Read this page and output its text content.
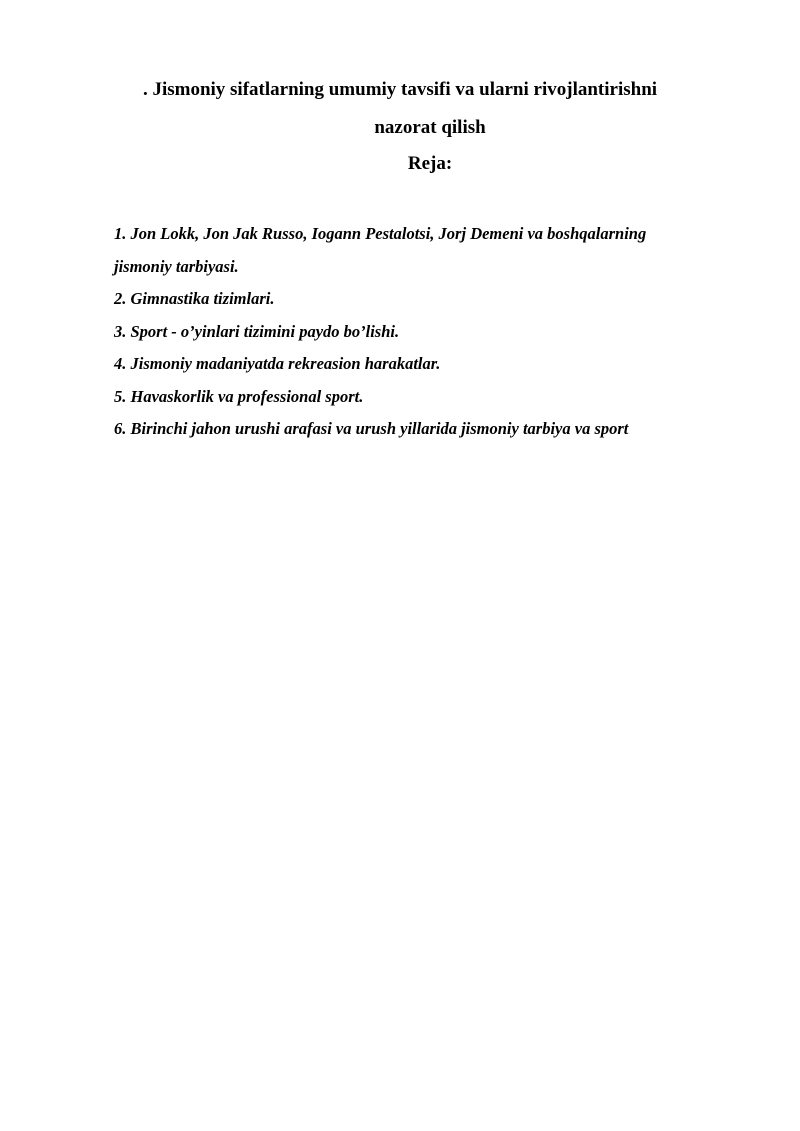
. Jismoniy sifatlarning umumiy tavsifi va ularni rivojlantirishni
nazorat qilish
Reja:
1. Jon Lokk, Jon Jak Russo, Iogann Pestalotsi, Jorj Demeni va boshqalarning
jismoniy tarbiyasi.
2. Gimnastika tizimlari.
3. Sport - o’yinlari tizimini paydo bo’lishi.
4. Jismoniy madaniyatda rekreasion harakatlar.
5. Havaskorlik va professional sport.
6. Birinchi jahon urushi arafasi va urush yillarida jismoniy tarbiya va sport
